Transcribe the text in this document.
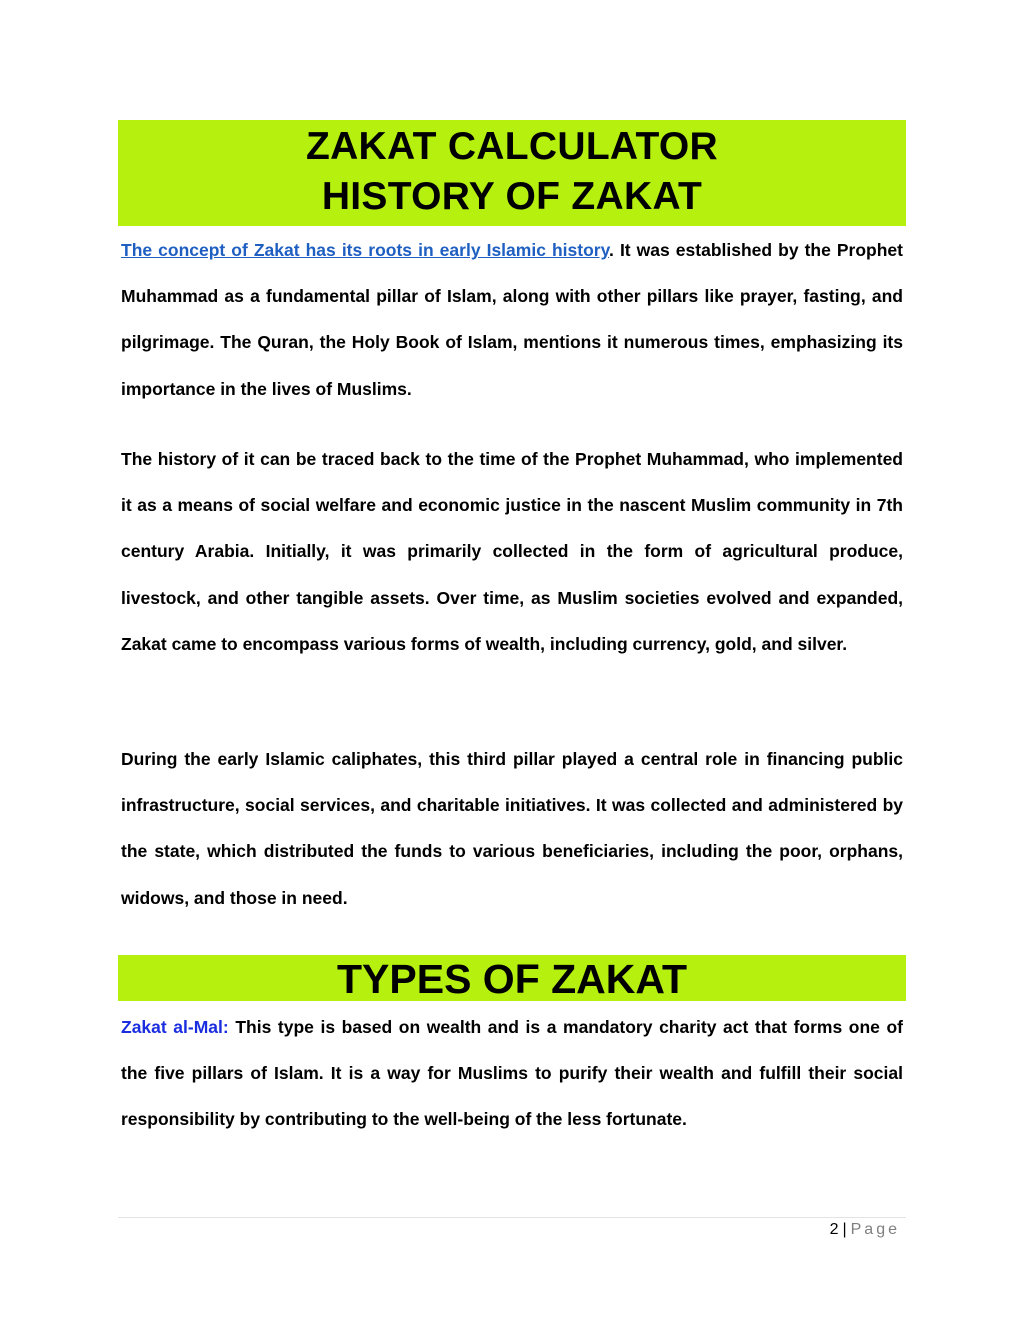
ZAKAT CALCULATOR
HISTORY OF ZAKAT

The concept of Zakat has its roots in early Islamic history. It was established by the Prophet Muhammad as a fundamental pillar of Islam, along with other pillars like prayer, fasting, and pilgrimage. The Quran, the Holy Book of Islam, mentions it numerous times, emphasizing its importance in the lives of Muslims.

The history of it can be traced back to the time of the Prophet Muhammad, who implemented it as a means of social welfare and economic justice in the nascent Muslim community in 7th century Arabia. Initially, it was primarily collected in the form of agricultural produce, livestock, and other tangible assets. Over time, as Muslim societies evolved and expanded, Zakat came to encompass various forms of wealth, including currency, gold, and silver.

During the early Islamic caliphates, this third pillar played a central role in financing public infrastructure, social services, and charitable initiatives. It was collected and administered by the state, which distributed the funds to various beneficiaries, including the poor, orphans, widows, and those in need.

TYPES OF ZAKAT

Zakat al-Mal: This type is based on wealth and is a mandatory charity act that forms one of the five pillars of Islam. It is a way for Muslims to purify their wealth and fulfill their social responsibility by contributing to the well-being of the less fortunate.

2 | Page
